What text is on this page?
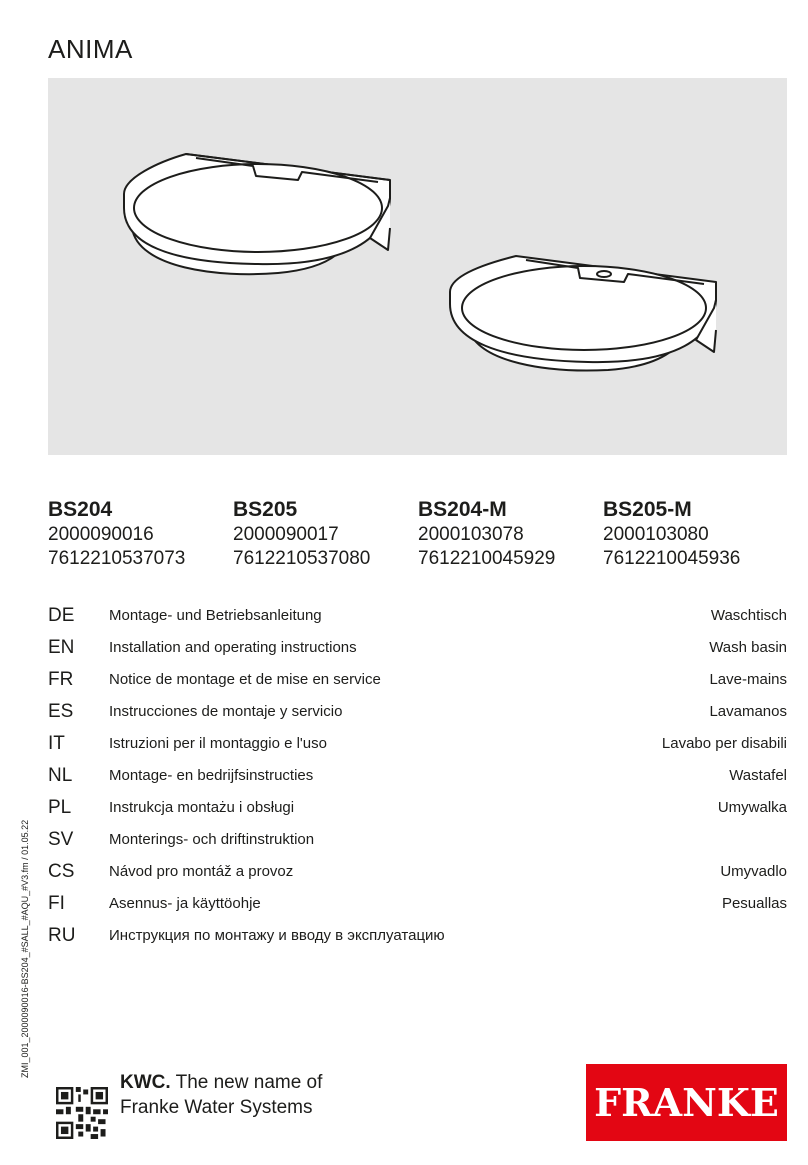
ANIMA
BS204
2000090016
7612210537073
BS205
2000090017
7612210537080
BS204-M
2000103078
7612210045929
BS205-M
2000103080
7612210045936
DE Montage- und Betriebsanleitung	Waschtisch
EN Installation and operating instructions	Wash basin
FR Notice de montage et de mise en service	Lave-mains
ES Instrucciones de montaje y servicio	Lavamanos
IT	Istruzioni per il montaggio e l'uso	Lavabo per disabili
NL Montage- en bedrijfsinstructies	Wastafel
PL	Instrukcja montażu i obsługi	Umywalka
SV Monterings- och driftinstruktion
CS Návod pro montáž a provoz	Umyvadlo
FI	Asennus- ja käyttöohje	Pesuallas
RU Инструкция по монтажу и вводу в эксплуатацию
ZMI_001_2000090016-BS204_#SALL_#AQU_#V3.fm / 01.05.22
KWC. The new name of
Franke Water Systems	FRANKE
